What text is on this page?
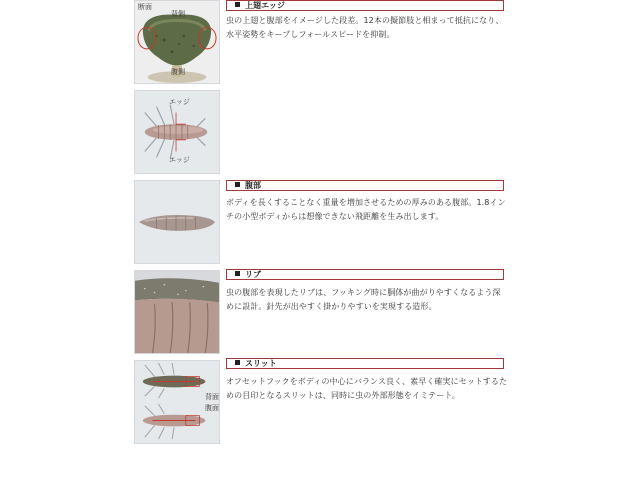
断面
背側
腹側
エッジ
エッジ
背面
腹面
上翅エッジ
虫の上翅と腹部をイメージした段差。12本の擬節肢と相まって抵抗になり、水平姿勢をキープしフォールスピードを抑制。
腹部
ボディを長くすることなく重量を増加させるための厚みのある腹部。1.8インチの小型ボディからは想像できない飛距離を生み出します。
リブ
虫の腹部を表現したリブは、フッキング時に胴体が曲がりやすくなるよう深めに設計。針先が出やすく掛かりやすいを実現する造形。
スリット
オフセットフックをボディの中心にバランス良く、素早く確実にセットするための目印となるスリットは、同時に虫の外部形態をイミテート。
